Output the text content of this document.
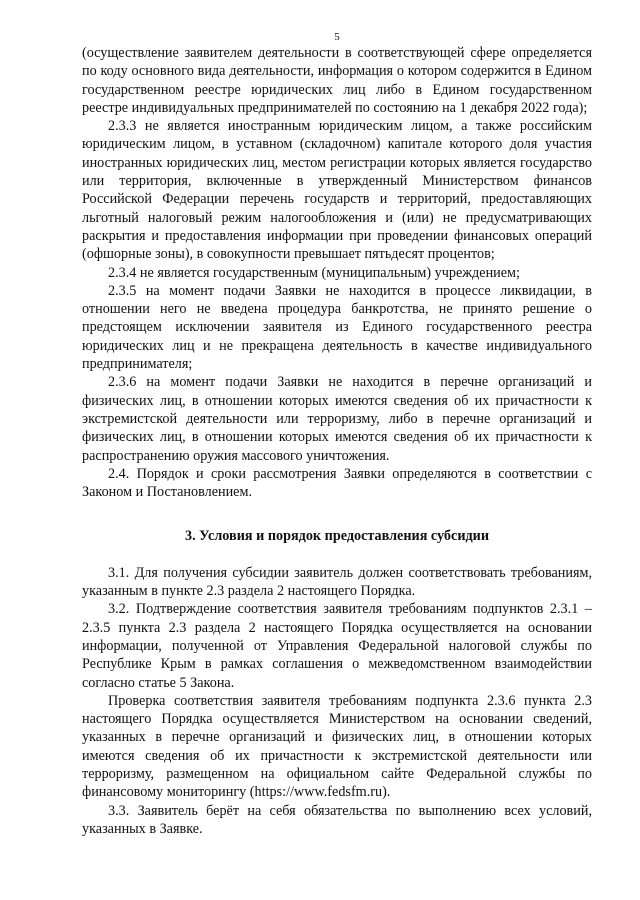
5

(осуществление заявителем деятельности в соответствующей сфере определяется по коду основного вида деятельности, информация о котором содержится в Едином государственном реестре юридических лиц либо в Едином государственном реестре индивидуальных предпринимателей по состоянию на 1 декабря 2022 года);

2.3.3 не является иностранным юридическим лицом, а также российским юридическим лицом, в уставном (складочном) капитале которого доля участия иностранных юридических лиц, местом регистрации которых является государство или территория, включенные в утвержденный Министерством финансов Российской Федерации перечень государств и территорий, предоставляющих льготный налоговый режим налогообложения и (или) не предусматривающих раскрытия и предоставления информации при проведении финансовых операций (офшорные зоны), в совокупности превышает пятьдесят процентов;

2.3.4 не является государственным (муниципальным) учреждением;

2.3.5 на момент подачи Заявки не находится в процессе ликвидации, в отношении него не введена процедура банкротства, не принято решение о предстоящем исключении заявителя из Единого государственного реестра юридических лиц и не прекращена деятельность в качестве индивидуального предпринимателя;

2.3.6 на момент подачи Заявки не находится в перечне организаций и физических лиц, в отношении которых имеются сведения об их причастности к экстремистской деятельности или терроризму, либо в перечне организаций и физических лиц, в отношении которых имеются сведения об их причастности к распространению оружия массового уничтожения.

2.4. Порядок и сроки рассмотрения Заявки определяются в соответствии с Законом и Постановлением.

3. Условия и порядок предоставления субсидии

3.1. Для получения субсидии заявитель должен соответствовать требованиям, указанным в пункте 2.3 раздела 2 настоящего Порядка.

3.2. Подтверждение соответствия заявителя требованиям подпунктов 2.3.1 – 2.3.5 пункта 2.3 раздела 2 настоящего Порядка осуществляется на основании информации, полученной от Управления Федеральной налоговой службы по Республике Крым в рамках соглашения о межведомственном взаимодействии согласно статье 5 Закона.

Проверка соответствия заявителя требованиям подпункта 2.3.6 пункта 2.3 настоящего Порядка осуществляется Министерством на основании сведений, указанных в перечне организаций и физических лиц, в отношении которых имеются сведения об их причастности к экстремистской деятельности или терроризму, размещенном на официальном сайте Федеральной службы по финансовому мониторингу (https://www.fedsfm.ru).

3.3. Заявитель берёт на себя обязательства по выполнению всех условий, указанных в Заявке.
